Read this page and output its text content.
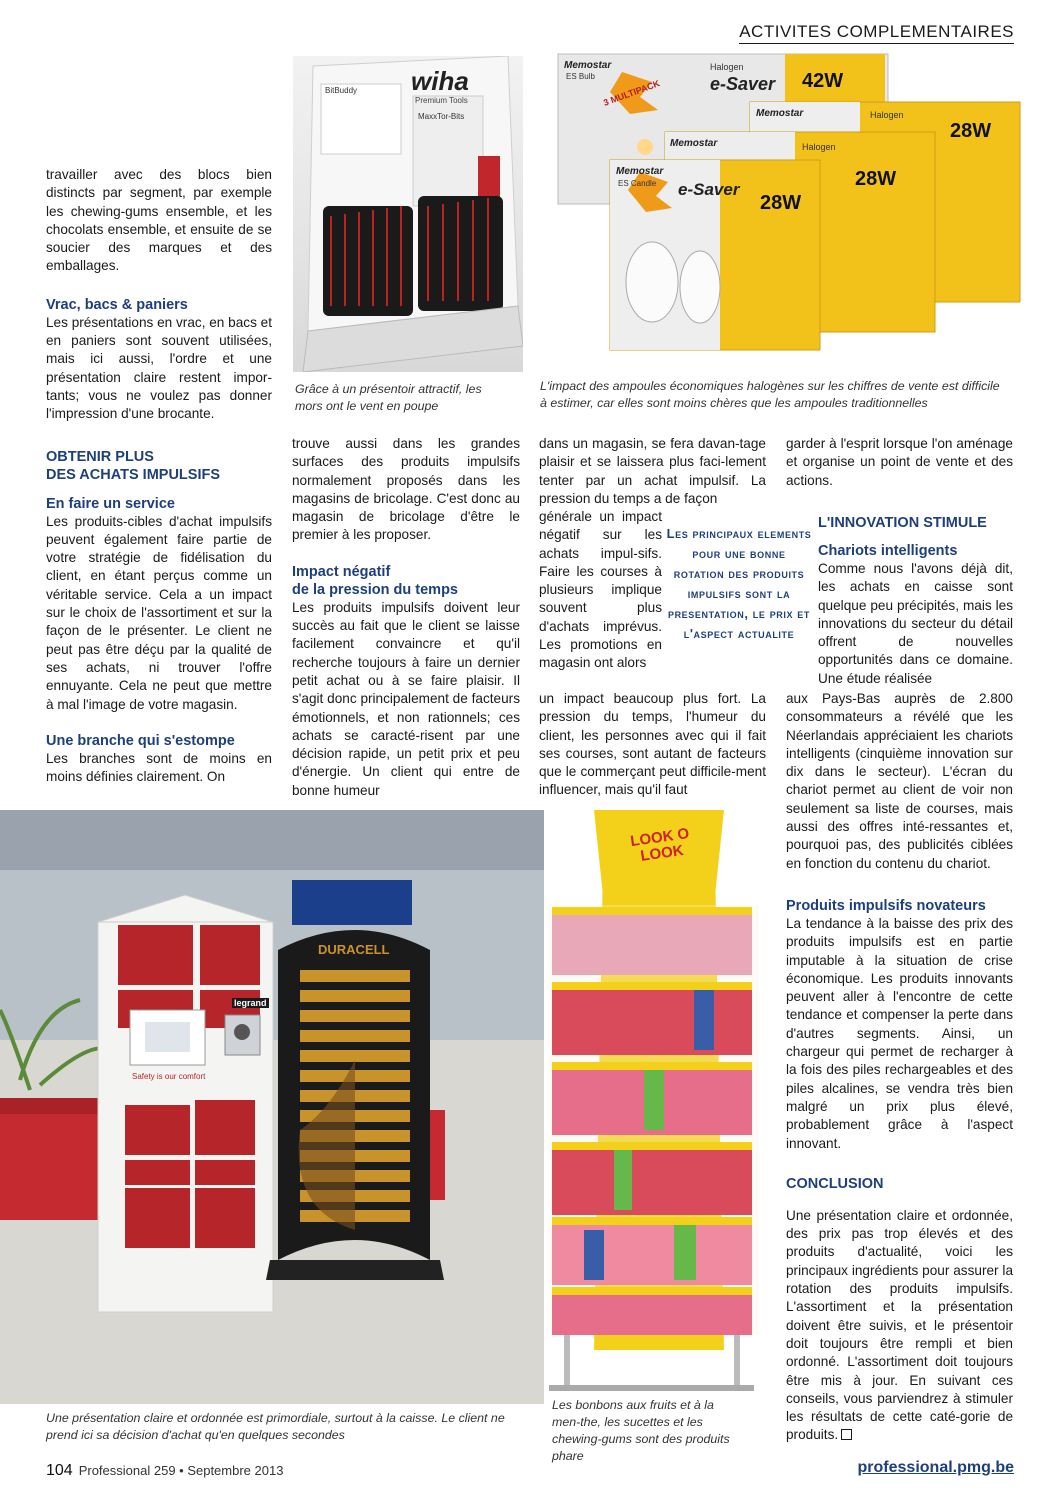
ACTIVITES COMPLEMENTAIRES
wiha
Premium Tools
BitBuddy
MaxxTor-Bits
Memostar
ES Bulb
Halogen
e-Saver 42W
3 MULTIPACK
Memostar	Halogen
28W
Memostar	Halogen
28W
Memostar
ES Candle e-Saver
28W

Grâce à un présentoir attractif, les mors ont le vent en poupe

L'impact des ampoules économiques halogènes sur les chiffres de vente est difficile à estimer, car elles sont moins chères que les ampoules traditionnelles

travailler avec des blocs bien distincts par segment, par exemple les chewing-gums ensemble, et les chocolats ensemble, et ensuite de se soucier des marques et des emballages.

Vrac, bacs & paniers

Les présentations en vrac, en bacs et en paniers sont souvent utilisées, mais ici aussi, l'ordre et une présentation claire restent impor-tants; vous ne voulez pas donner l'impression d'une brocante.

OBTENIR PLUS

DES ACHATS IMPULSIFS

En faire un service

Les produits-cibles d'achat impulsifs peuvent également faire partie de votre stratégie de fidélisation du client, en étant perçus comme un véritable service. Cela a un impact sur le choix de l'assortiment et sur la façon de le présenter. Le client ne peut pas être déçu par la qualité de ses achats, ni trouver l'offre ennuyante. Cela ne peut que mettre à mal l'image de votre magasin.

Une branche qui s'estompe

Les branches sont de moins en moins définies clairement. On

trouve aussi dans les grandes surfaces des produits impulsifs normalement proposés dans les magasins de bricolage. C'est donc au magasin de bricolage d'être le premier à les proposer.

Impact négatif

de la pression du temps

Les produits impulsifs doivent leur succès au fait que le client se laisse facilement convaincre et qu'il recherche toujours à faire un dernier petit achat ou à se faire plaisir. Il s'agit donc principalement de facteurs émotionnels, et non rationnels; ces achats se caracté-risent par une décision rapide, un petit prix et peu d'énergie. Un client qui entre de bonne humeur

dans un magasin, se fera davan-tage plaisir et se laissera plus faci-lement tenter par un achat impulsif. La pression du temps a de façon

générale un impact négatif sur les achats impul-sifs. Faire les courses à plusieurs implique souvent plus d'achats imprévus. Les promotions en magasin ont alors

un impact beaucoup plus fort. La pression du temps, l'humeur du client, les personnes avec qui il fait ses courses, sont autant de facteurs que le commerçant peut difficile-ment influencer, mais qu'il faut

Les principaux elements pour une bonne rotation des produits impulsifs sont la presentation, le prix et l'aspect actualite

garder à l'esprit lorsque l'on aménage et organise un point de vente et des actions.

L'INNOVATION STIMULE

Chariots intelligents

Comme nous l'avons déjà dit, les achats en caisse sont quelque peu précipités, mais les innovations du secteur du détail offrent de nouvelles opportunités dans ce domaine. Une étude réalisée

aux Pays-Bas auprès de 2.800 consommateurs a révélé que les Néerlandais appréciaient les chariots intelligents (cinquième innovation sur dix dans le secteur). L'écran du chariot permet au client de voir non seulement sa liste de courses, mais aussi des offres inté-ressantes et, pourquoi pas, des publicités ciblées en fonction du contenu du chariot.

Produits impulsifs novateurs

La tendance à la baisse des prix des produits impulsifs est en partie imputable à la situation de crise économique. Les produits innovants peuvent aller à l'encontre de cette tendance et compenser la perte dans d'autres segments. Ainsi, un chargeur qui permet de recharger à la fois des piles rechargeables et des piles alcalines, se vendra très bien malgré un prix plus élevé, probablement grâce à l'aspect innovant.

CONCLUSION

Une présentation claire et ordonnée, des prix pas trop élevés et des produits d'actualité, voici les principaux ingrédients pour assurer la rotation des produits impulsifs. L'assortiment et la présentation doivent être suivis, et le présentoir doit toujours être rempli et bien ordonné. L'assortiment doit toujours être mis à jour. En suivant ces conseils, vous parviendrez à stimuler les résultats de cette caté-gorie de produits.

DURACELL
legrand
Safety is our comfort
LOOK O LOOK

Une présentation claire et ordonnée est primordiale, surtout à la caisse. Le client ne prend ici sa décision d'achat qu'en quelques secondes

Les bonbons aux fruits et à la men-the, les sucettes et les chewing-gums sont des produits phare

104 Professional 259 • Septembre 2013	professional.pmg.be
